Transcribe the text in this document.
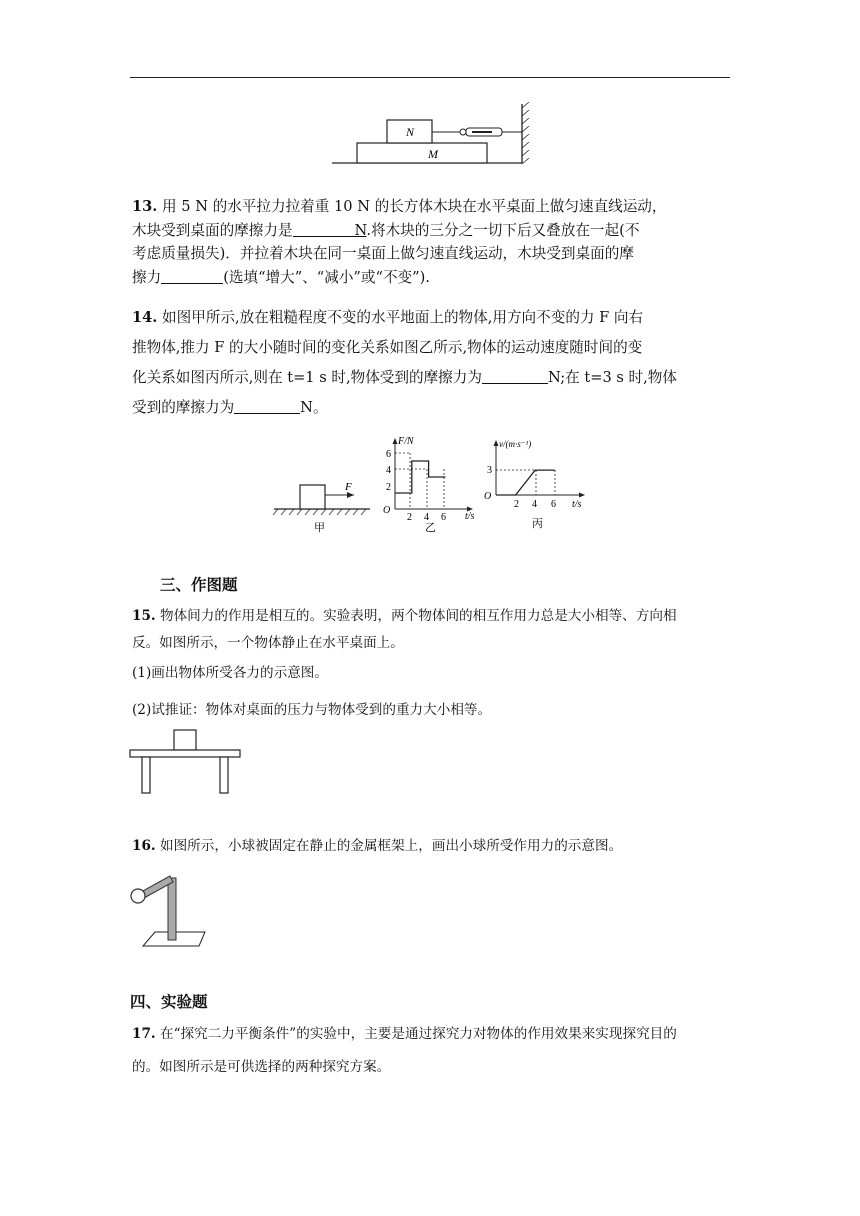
N
M
13. 用 5 N 的水平拉力拉着重 10 N 的长方体木块在水平桌面上做匀速直线运动，
木块受到桌面的摩擦力是	N.将木块的三分之一切下后又叠放在一起(不
考虑质量损失)．并拉着木块在同一桌面上做匀速直线运动，木块受到桌面的摩
擦力	(选填“增大”、“减小”或“不变”).
14. 如图甲所示,放在粗糙程度不变的水平地面上的物体,用方向不变的力 F 向右
推物体,推力 F 的大小随时间的变化关系如图乙所示,物体的运动速度随时间的变
化关系如图丙所示,则在 t=1 s 时,物体受到的摩擦力为	N;在 t=3 s 时,物体
受到的摩擦力为	N。
F
甲
F/N
O
6
4
2
2 4 6 t/s
乙
v/(m·s⁻¹)
O
3
2 4 6 t/s
丙
三、作图题
15. 物体间力的作用是相互的。实验表明，两个物体间的相互作用力总是大小相等、方向相
反。如图所示，一个物体静止在水平桌面上。
(1)画出物体所受各力的示意图。
(2)试推证：物体对桌面的压力与物体受到的重力大小相等。
16. 如图所示，小球被固定在静止的金属框架上，画出小球所受作用力的示意图。
四、实验题
17. 在“探究二力平衡条件”的实验中，主要是通过探究力对物体的作用效果来实现探究目的
的。如图所示是可供选择的两种探究方案。
